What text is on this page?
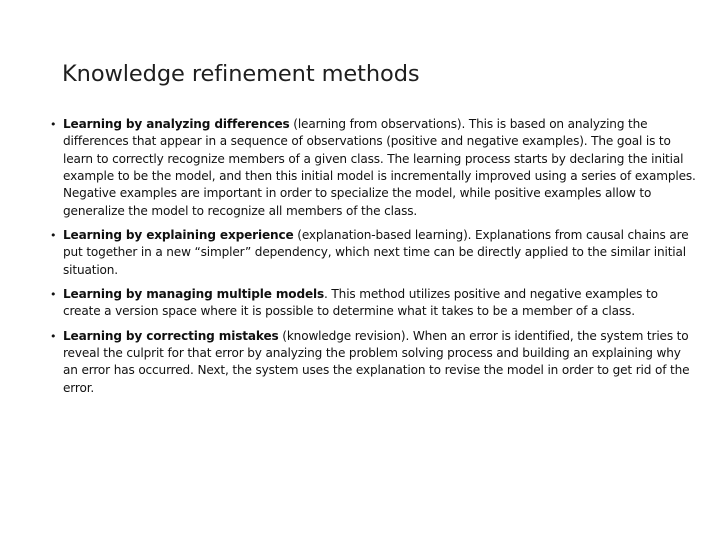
Knowledge refinement methods
• Learning by analyzing differences (learning from observations). This is based on analyzing the differences that appear in a sequence of observations (positive and negative examples). The goal is to learn to correctly recognize members of a given class. The learning process starts by declaring the initial example to be the model, and then this initial model is incrementally improved using a series of examples. Negative examples are important in order to specialize the model, while positive examples allow to generalize the model to recognize all members of the class.
• Learning by explaining experience (explanation-based learning). Explanations from causal chains are put together in a new “simpler” dependency, which next time can be directly applied to the similar initial situation.
• Learning by managing multiple models. This method utilizes positive and negative examples to create a version space where it is possible to determine what it takes to be a member of a class.
• Learning by correcting mistakes (knowledge revision). When an error is identified, the system tries to reveal the culprit for that error by analyzing the problem solving process and building an explaining why an error has occurred. Next, the system uses the explanation to revise the model in order to get rid of the error.
